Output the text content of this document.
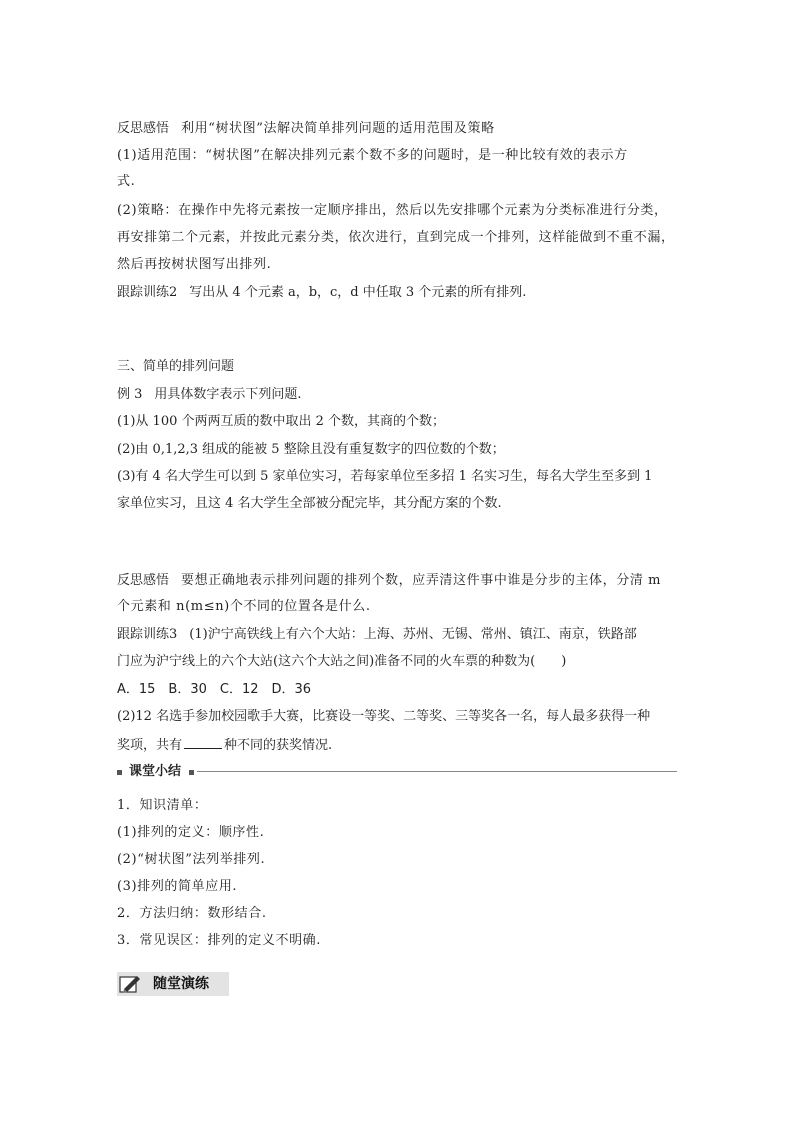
反思感悟 利用“树状图”法解决简单排列问题的适用范围及策略
(1)适用范围：“树状图”在解决排列元素个数不多的问题时，是一种比较有效的表示方
式.
(2)策略：在操作中先将元素按一定顺序排出，然后以先安排哪个元素为分类标准进行分类，
再安排第二个元素，并按此元素分类，依次进行，直到完成一个排列，这样能做到不重不漏，
然后再按树状图写出排列.
跟踪训练2 写出从 4 个元素 a，b，c，d 中任取 3 个元素的所有排列.
三、简单的排列问题
例 3 用具体数字表示下列问题.
(1)从 100 个两两互质的数中取出 2 个数，其商的个数；
(2)由 0,1,2,3 组成的能被 5 整除且没有重复数字的四位数的个数；
(3)有 4 名大学生可以到 5 家单位实习，若每家单位至多招 1 名实习生，每名大学生至多到 1
家单位实习，且这 4 名大学生全部被分配完毕，其分配方案的个数.
反思感悟 要想正确地表示排列问题的排列个数，应弄清这件事中谁是分步的主体，分清 m
个元素和 n(m≤n)个不同的位置各是什么.
跟踪训练3 (1)沪宁高铁线上有六个大站：上海、苏州、无锡、常州、镇江、南京，铁路部
门应为沪宁线上的六个大站(这六个大站之间)准备不同的火车票的种数为(　　)
A．15　B．30　C．12　D．36
(2)12 名选手参加校园歌手大赛，比赛设一等奖、二等奖、三等奖各一名，每人最多获得一种
奖项，共有	种不同的获奖情况.
课堂小结
1．知识清单：
(1)排列的定义：顺序性.
(2)“树状图”法列举排列.
(3)排列的简单应用.
2．方法归纳：数形结合.
3．常见误区：排列的定义不明确.
随堂演练
